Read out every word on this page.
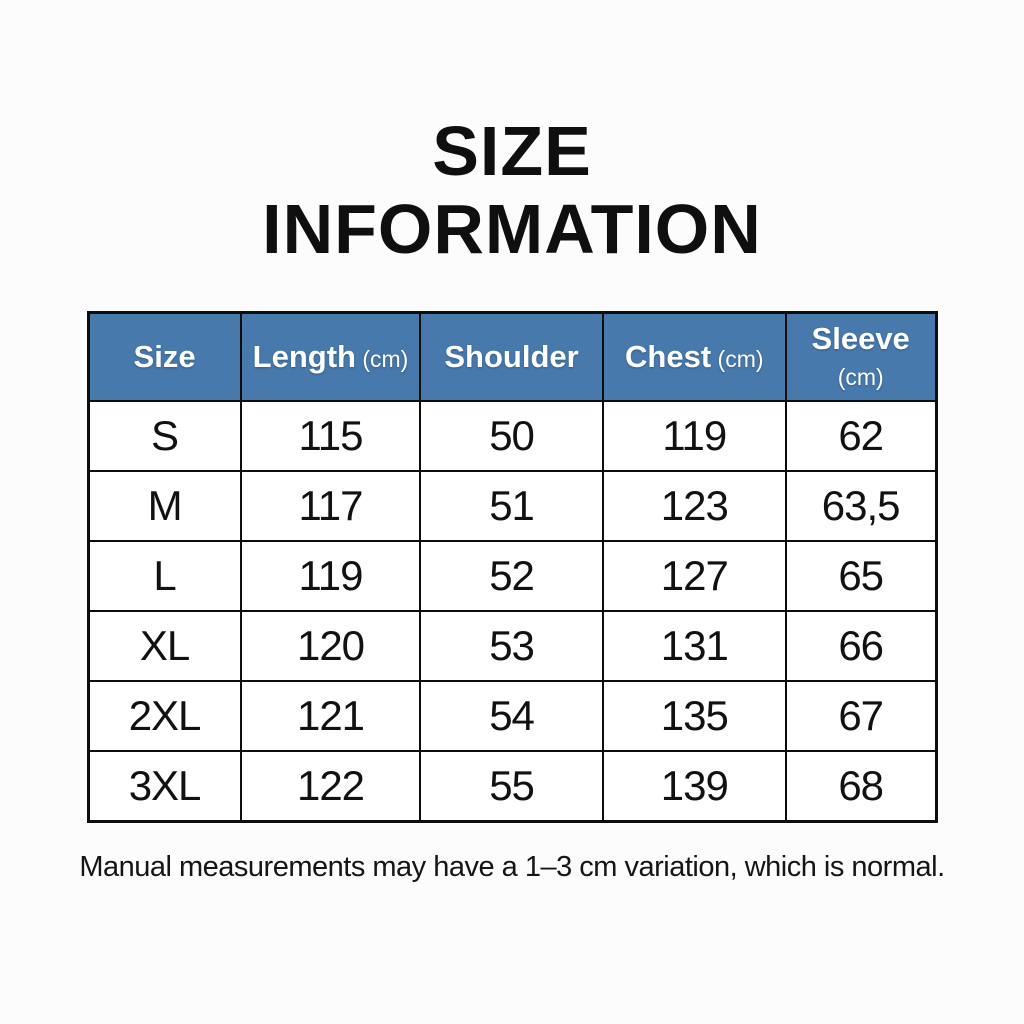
SIZE
INFORMATION
Size	Length (cm)	Shoulder	Chest (cm)	Sleeve (cm)
S	115	50	119	62
M	117	51	123	63,5
L	119	52	127	65
XL	120	53	131	66
2XL	121	54	135	67
3XL	122	55	139	68

Manual measurements may have a 1–3 cm variation, which is normal.
